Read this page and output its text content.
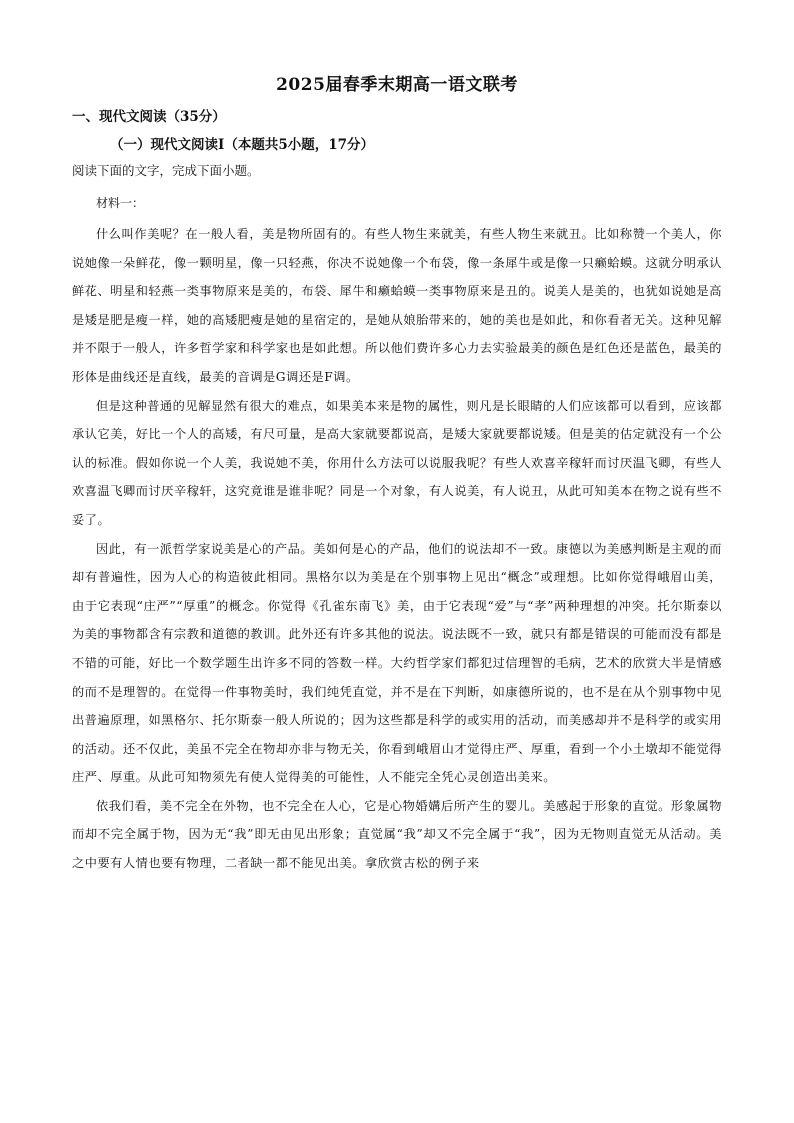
2025届春季末期高一语文联考

一、现代文阅读（35分）

（一）现代文阅读Ⅰ（本题共5小题，17分）

阅读下面的文字，完成下面小题。

材料一：

什么叫作美呢？在一般人看，美是物所固有的。有些人物生来就美，有些人物生来就丑。比如称赞一个美人，你说她像一朵鲜花，像一颗明星，像一只轻燕，你决不说她像一个布袋，像一条犀牛或是像一只癞蛤蟆。这就分明承认鲜花、明星和轻燕一类事物原来是美的，布袋、犀牛和癞蛤蟆一类事物原来是丑的。说美人是美的，也犹如说她是高是矮是肥是瘦一样，她的高矮肥瘦是她的星宿定的，是她从娘胎带来的，她的美也是如此，和你看者无关。这种见解并不限于一般人，许多哲学家和科学家也是如此想。所以他们费许多心力去实验最美的颜色是红色还是蓝色，最美的形体是曲线还是直线，最美的音调是G调还是F调。

但是这种普通的见解显然有很大的难点，如果美本来是物的属性，则凡是长眼睛的人们应该都可以看到，应该都承认它美，好比一个人的高矮，有尺可量，是高大家就要都说高，是矮大家就要都说矮。但是美的估定就没有一个公认的标准。假如你说一个人美，我说她不美，你用什么方法可以说服我呢？有些人欢喜辛稼轩而讨厌温飞卿，有些人欢喜温飞卿而讨厌辛稼轩，这究竟谁是谁非呢？同是一个对象，有人说美，有人说丑，从此可知美本在物之说有些不妥了。

因此，有一派哲学家说美是心的产品。美如何是心的产品，他们的说法却不一致。康德以为美感判断是主观的而却有普遍性，因为人心的构造彼此相同。黑格尔以为美是在个别事物上见出“概念”或理想。比如你觉得峨眉山美，由于它表现“庄严”“厚重”的概念。你觉得《孔雀东南飞》美，由于它表现“爱”与“孝”两种理想的冲突。托尔斯泰以为美的事物都含有宗教和道德的教训。此外还有许多其他的说法。说法既不一致，就只有都是错误的可能而没有都是不错的可能，好比一个数学题生出许多不同的答数一样。大约哲学家们都犯过信理智的毛病，艺术的欣赏大半是情感的而不是理智的。在觉得一件事物美时，我们纯凭直觉，并不是在下判断，如康德所说的，也不是在从个别事物中见出普遍原理，如黑格尔、托尔斯泰一般人所说的；因为这些都是科学的或实用的活动，而美感却并不是科学的或实用的活动。还不仅此，美虽不完全在物却亦非与物无关，你看到峨眉山才觉得庄严、厚重，看到一个小土墩却不能觉得庄严、厚重。从此可知物须先有使人觉得美的可能性，人不能完全凭心灵创造出美来。

依我们看，美不完全在外物，也不完全在人心，它是心物婚媾后所产生的婴儿。美感起于形象的直觉。形象属物而却不完全属于物，因为无“我”即无由见出形象；直觉属“我”却又不完全属于“我”，因为无物则直觉无从活动。美之中要有人情也要有物理，二者缺一都不能见出美。拿欣赏古松的例子来
